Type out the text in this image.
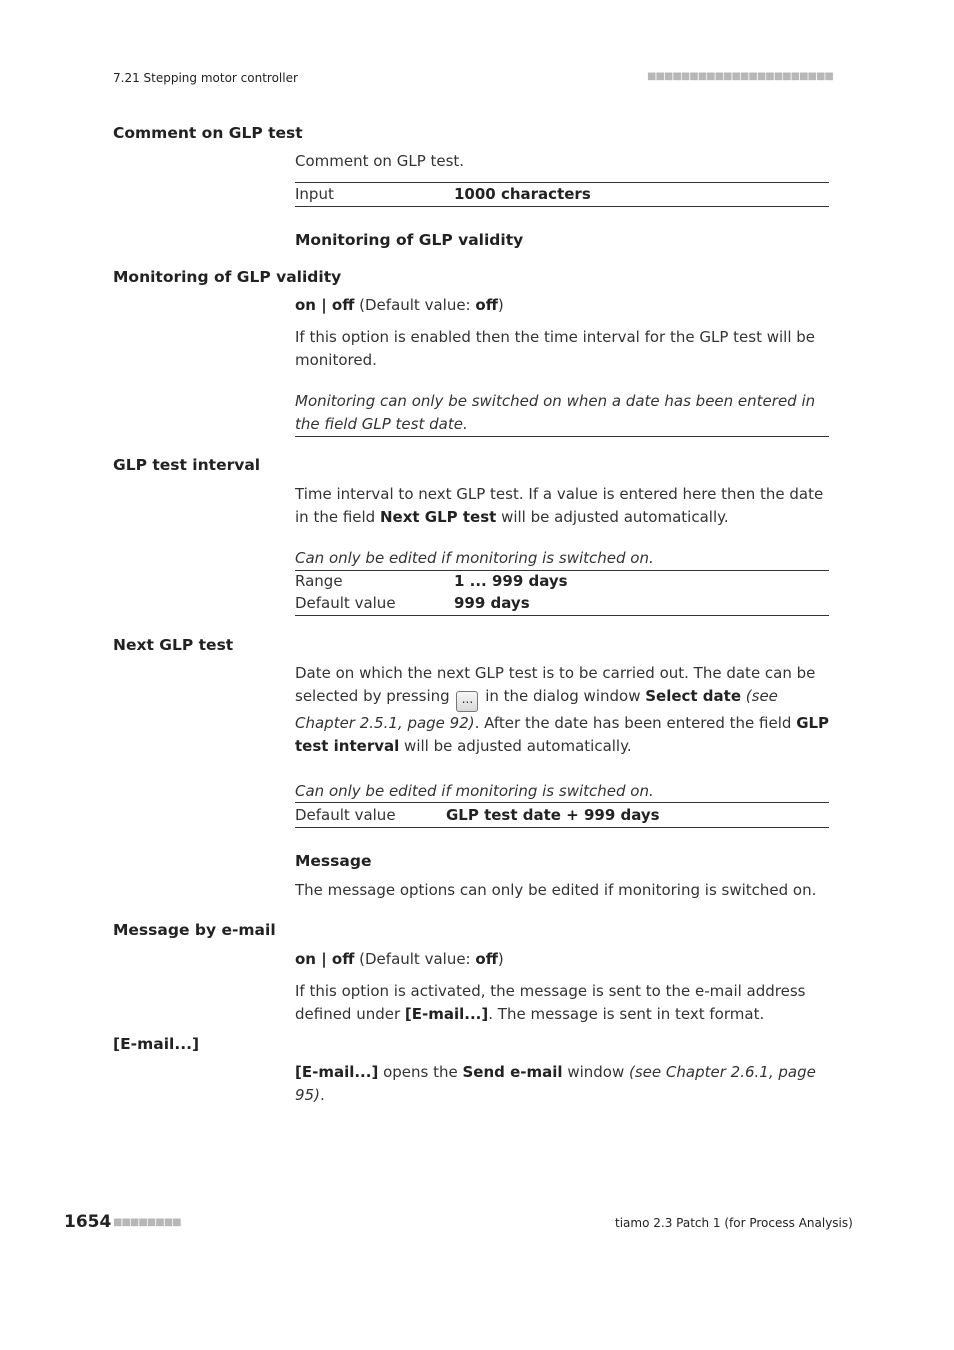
7.21 Stepping motor controller	■■■■■■■■■■■■■■■■■■■■■■
Comment on GLP test
Comment on GLP test.
Input	1000 characters
Monitoring of GLP validity
Monitoring of GLP validity
on | off (Default value: off)
If this option is enabled then the time interval for the GLP test will be monitored.
Monitoring can only be switched on when a date has been entered in the field GLP test date.
GLP test interval
Time interval to next GLP test. If a value is entered here then the date in the field Next GLP test will be adjusted automatically.
Can only be edited if monitoring is switched on.
Range	1 ... 999 days
Default value	999 days
Next GLP test
Date on which the next GLP test is to be carried out. The date can be selected by pressing ... in the dialog window Select date (see Chapter 2.5.1, page 92). After the date has been entered the field GLP test interval will be adjusted automatically.
Can only be edited if monitoring is switched on.
Default value	GLP test date + 999 days
Message
The message options can only be edited if monitoring is switched on.
Message by e-mail
on | off (Default value: off)
If this option is activated, the message is sent to the e-mail address defined under [E-mail...]. The message is sent in text format.
[E-mail...]
[E-mail...] opens the Send e-mail window (see Chapter 2.6.1, page 95).
1654 ■■■■■■■■	tiamo 2.3 Patch 1 (for Process Analysis)
